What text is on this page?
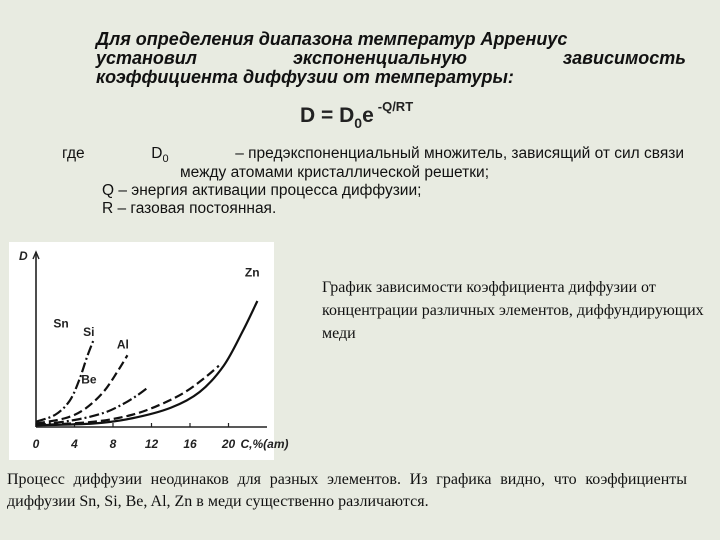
Для определения диапазона температур Аррениус
установил	экспоненциальную	зависимость
коэффициента диффузии от температуры:
$D = D_0e$ $^{-Q/RT}$
где	$D_0$	– предэкспоненциальный множитель, зависящий от сил связи
между атомами кристаллической решетки;
Q – энергия активации процесса диффузии;
R – газовая постоянная.
D
0	4	8 12 16 20 C,%(ат)
Sn
Si
Be
Al
Zn
График зависимости коэффициента диффузии от концентрации различных элементов, диффундирующих меди
Процесс диффузии неодинаков для разных элементов. Из графика видно, что коэффициенты диффузии Sn, Si, Be, Al, Zn в меди существенно различаются.
